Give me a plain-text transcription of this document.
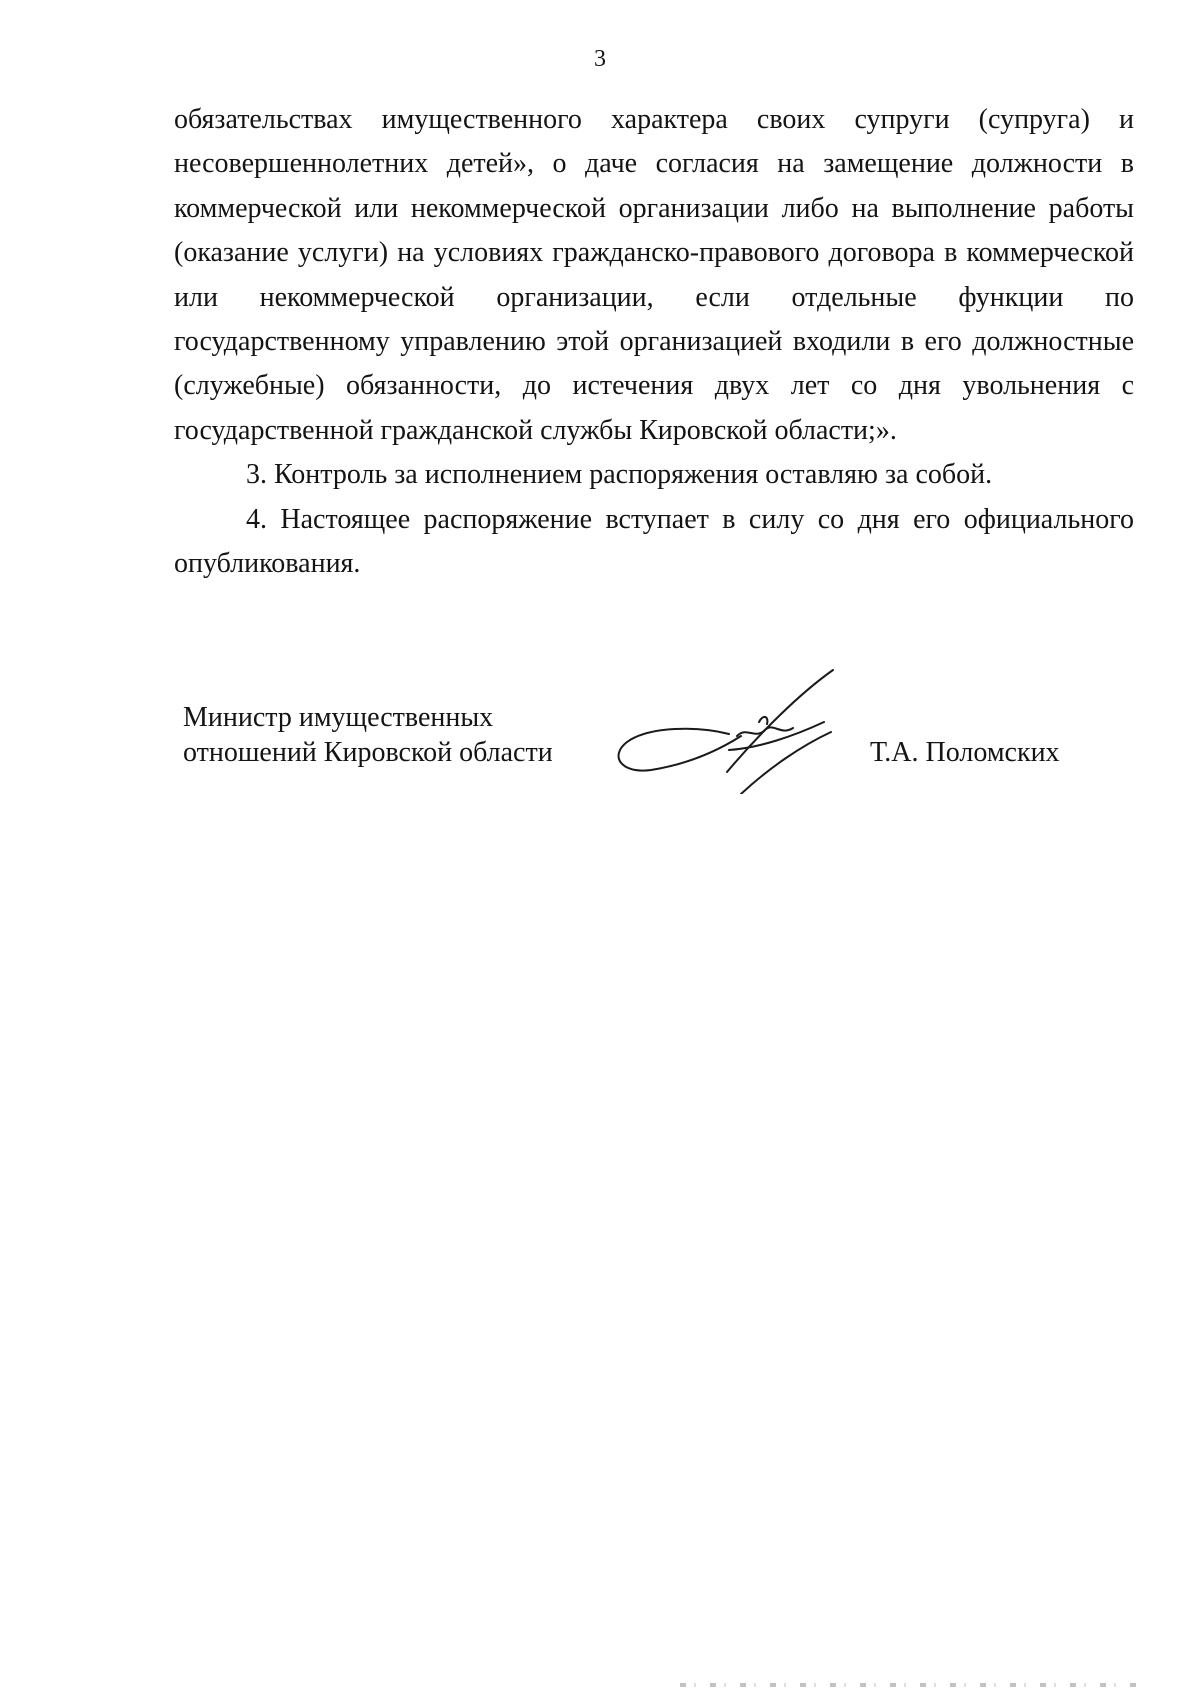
3

обязательствах имущественного характера своих супруги (супруга) и несовершеннолетних детей», о даче согласия на замещение должности в коммерческой или некоммерческой организации либо на выполнение работы (оказание услуги) на условиях гражданско-правового договора в коммерческой или некоммерческой организации, если отдельные функции по государственному управлению этой организацией входили в его должностные (служебные) обязанности, до истечения двух лет со дня увольнения с государственной гражданской службы Кировской области;».

3. Контроль за исполнением распоряжения оставляю за собой.

4. Настоящее распоряжение вступает в силу со дня его официального опубликования.

Министр имущественных
отношений Кировской области	Т.А. Поломских
